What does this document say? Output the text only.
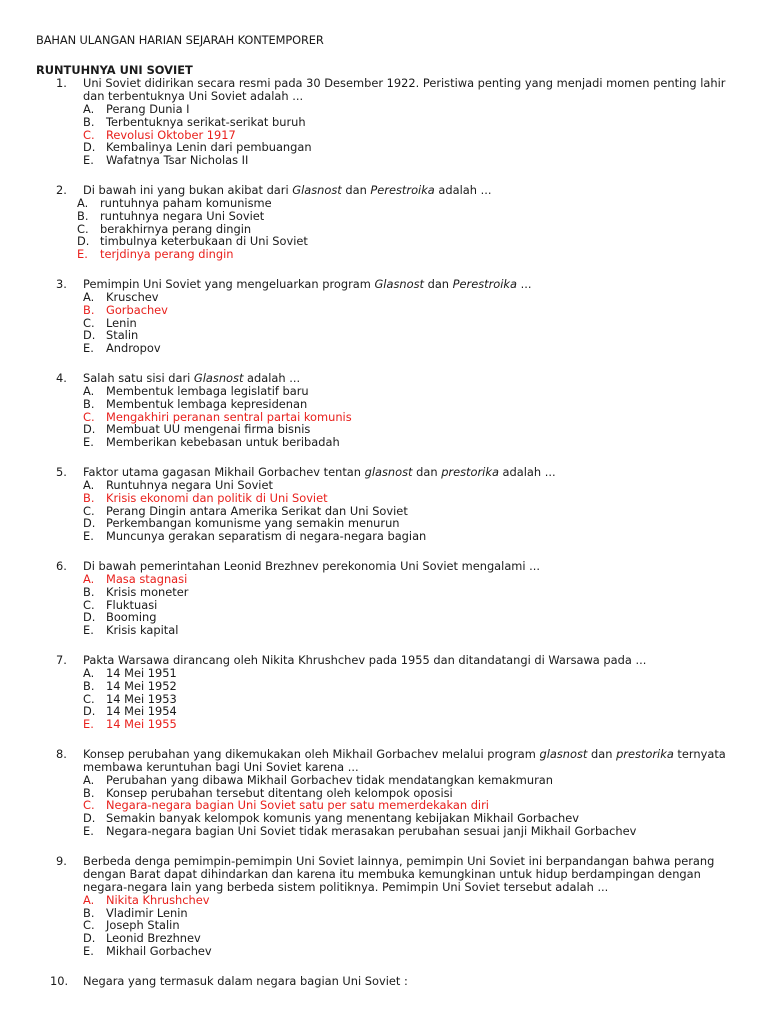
BAHAN ULANGAN HARIAN SEJARAH KONTEMPORER
RUNTUHNYA UNI SOVIET
1. Uni Soviet didirikan secara resmi pada 30 Desember 1922. Peristiwa penting yang menjadi momen penting lahir dan terbentuknya Uni Soviet adalah ...
A. Perang Dunia I
B. Terbentuknya serikat-serikat buruh
C. Revolusi Oktober 1917
D. Kembalinya Lenin dari pembuangan
E. Wafatnya Tsar Nicholas II
2. Di bawah ini yang bukan akibat dari Glasnost dan Perestroika adalah ...
A. runtuhnya paham komunisme
B. runtuhnya negara Uni Soviet
C. berakhirnya perang dingin
D. timbulnya keterbukaan di Uni Soviet
E. terjdinya perang dingin
3. Pemimpin Uni Soviet yang mengeluarkan program Glasnost dan Perestroika ...
A. Kruschev
B. Gorbachev
C. Lenin
D. Stalin
E. Andropov
4. Salah satu sisi dari Glasnost adalah ...
A. Membentuk lembaga legislatif baru
B. Membentuk lembaga kepresidenan
C. Mengakhiri peranan sentral partai komunis
D. Membuat UU mengenai firma bisnis
E. Memberikan kebebasan untuk beribadah
5. Faktor utama gagasan Mikhail Gorbachev tentan glasnost dan prestorika adalah ...
A. Runtuhnya negara Uni Soviet
B. Krisis ekonomi dan politik di Uni Soviet
C. Perang Dingin antara Amerika Serikat dan Uni Soviet
D. Perkembangan komunisme yang semakin menurun
E. Muncunya gerakan separatism di negara-negara bagian
6. Di bawah pemerintahan Leonid Brezhnev perekonomia Uni Soviet mengalami ...
A. Masa stagnasi
B. Krisis moneter
C. Fluktuasi
D. Booming
E. Krisis kapital
7. Pakta Warsawa dirancang oleh Nikita Khrushchev pada 1955 dan ditandatangi di Warsawa pada ...
A. 14 Mei 1951
B. 14 Mei 1952
C. 14 Mei 1953
D. 14 Mei 1954
E. 14 Mei 1955
8. Konsep perubahan yang dikemukakan oleh Mikhail Gorbachev melalui program glasnost dan prestorika ternyata membawa keruntuhan bagi Uni Soviet karena ...
A. Perubahan yang dibawa Mikhail Gorbachev tidak mendatangkan kemakmuran
B. Konsep perubahan tersebut ditentang oleh kelompok oposisi
C. Negara-negara bagian Uni Soviet satu per satu memerdekakan diri
D. Semakin banyak kelompok komunis yang menentang kebijakan Mikhail Gorbachev
E. Negara-negara bagian Uni Soviet tidak merasakan perubahan sesuai janji Mikhail Gorbachev
9. Berbeda denga pemimpin-pemimpin Uni Soviet lainnya, pemimpin Uni Soviet ini berpandangan bahwa perang dengan Barat dapat dihindarkan dan karena itu membuka kemungkinan untuk hidup berdampingan dengan negara-negara lain yang berbeda sistem politiknya. Pemimpin Uni Soviet tersebut adalah ...
A. Nikita Khrushchev
B. Vladimir Lenin
C. Joseph Stalin
D. Leonid Brezhnev
E. Mikhail Gorbachev
10. Negara yang termasuk dalam negara bagian Uni Soviet :
